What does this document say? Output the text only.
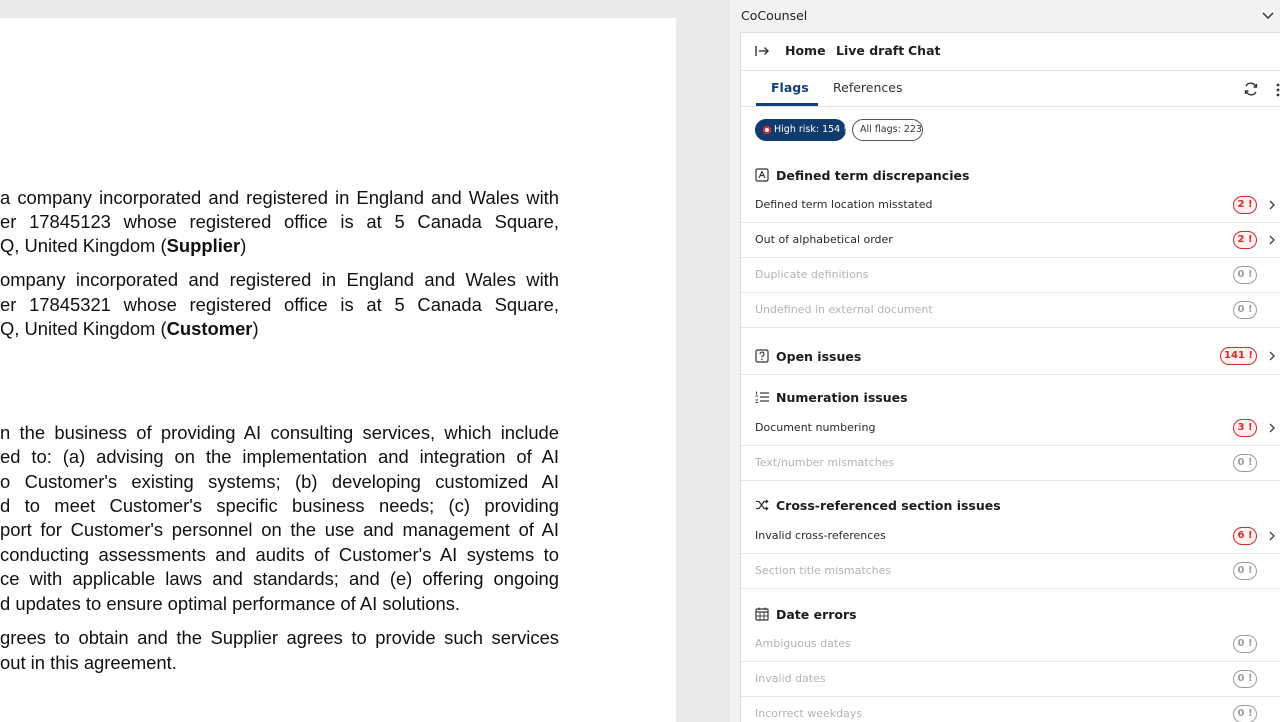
a company incorporated and registered in England and Wales with
er 17845123 whose registered office is at 5 Canada Square,
Q, United Kingdom (Supplier)
ompany incorporated and registered in England and Wales with
er 17845321 whose registered office is at 5 Canada Square,
Q, United Kingdom (Customer)
n the business of providing AI consulting services, which include
ed to: (a) advising on the implementation and integration of AI
o Customer's existing systems; (b) developing customized AI
d to meet Customer's specific business needs; (c) providing
port for Customer's personnel on the use and management of AI
conducting assessments and audits of Customer's AI systems to
ce with applicable laws and standards; and (e) offering ongoing
d updates to ensure optimal performance of AI solutions.
grees to obtain and the Supplier agrees to provide such services
out in this agreement.
CoCounsel
Home Live draft Chat
Flags References
High risk: 154 !	All flags: 223
Defined term discrepancies
Defined term location misstated	2 !
Out of alphabetical order	2 !
Duplicate definitions	0 !
Undefined in external document	0 !
Open issues	141 !
Numeration issues
Document numbering	3 !
Text/number mismatches	0 !
Cross-referenced section issues
Invalid cross-references	6 !
Section title mismatches	0 !
Date errors
Ambiguous dates	0 !
Invalid dates	0 !
Incorrect weekdays	0 !
